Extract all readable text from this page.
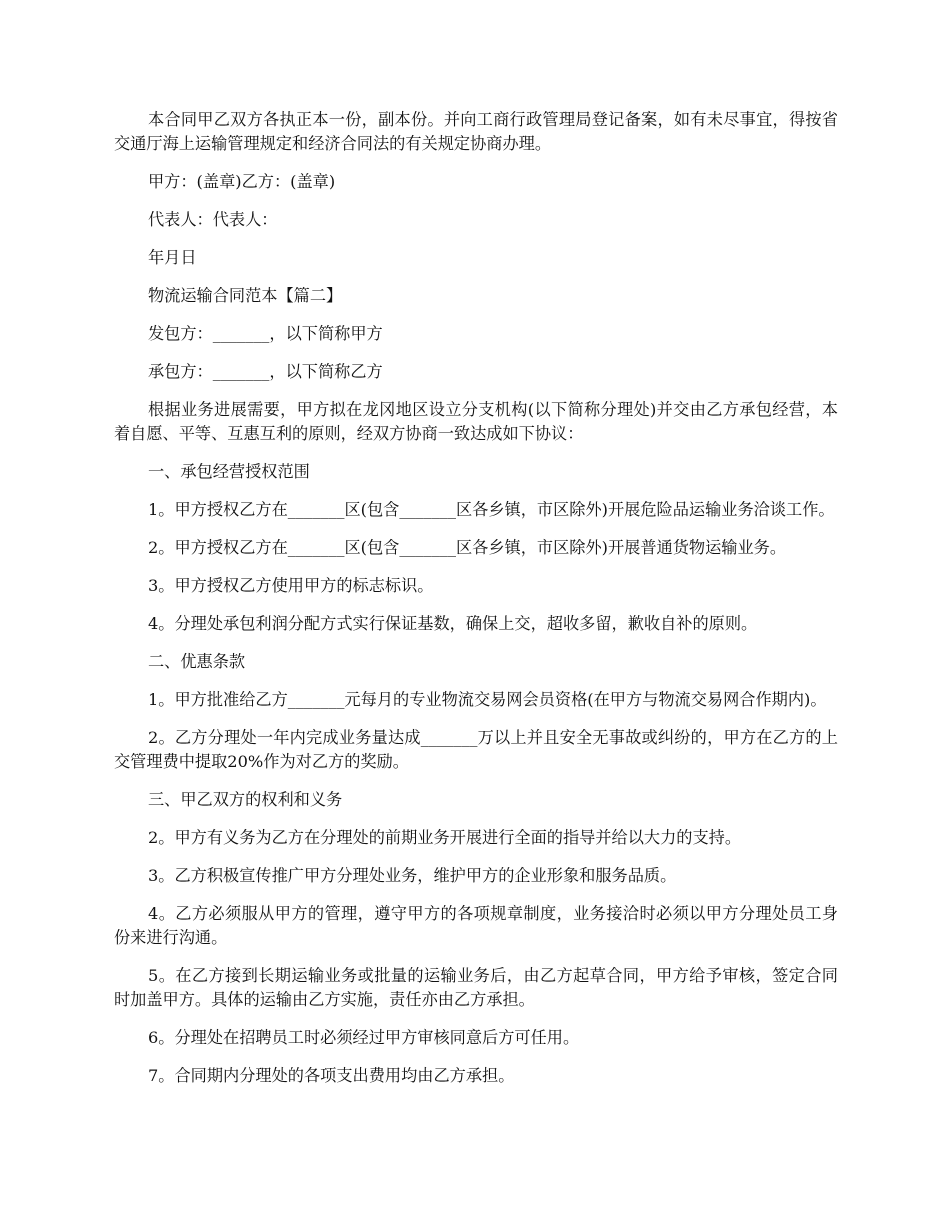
本合同甲乙双方各执正本一份，副本份。并向工商行政管理局登记备案，如有未尽事宜，得按省交通厅海上运输管理规定和经济合同法的有关规定协商办理。

甲方：(盖章)乙方：(盖章)

代表人：代表人：

年月日

物流运输合同范本【篇二】

发包方：_______，以下简称甲方

承包方：_______，以下简称乙方

根据业务进展需要，甲方拟在龙冈地区设立分支机构(以下简称分理处)并交由乙方承包经营，本着自愿、平等、互惠互利的原则，经双方协商一致达成如下协议：

一、承包经营授权范围

1。甲方授权乙方在_______区(包含_______区各乡镇，市区除外)开展危险品运输业务洽谈工作。

2。甲方授权乙方在_______区(包含_______区各乡镇，市区除外)开展普通货物运输业务。

3。甲方授权乙方使用甲方的标志标识。

4。分理处承包利润分配方式实行保证基数，确保上交，超收多留，歉收自补的原则。

二、优惠条款

1。甲方批准给乙方_______元每月的专业物流交易网会员资格(在甲方与物流交易网合作期内)。

2。乙方分理处一年内完成业务量达成_______万以上并且安全无事故或纠纷的，甲方在乙方的上交管理费中提取20%作为对乙方的奖励。

三、甲乙双方的权利和义务

2。甲方有义务为乙方在分理处的前期业务开展进行全面的指导并给以大力的支持。

3。乙方积极宣传推广甲方分理处业务，维护甲方的企业形象和服务品质。

4。乙方必须服从甲方的管理，遵守甲方的各项规章制度，业务接洽时必须以甲方分理处员工身份来进行沟通。

5。在乙方接到长期运输业务或批量的运输业务后，由乙方起草合同，甲方给予审核，签定合同时加盖甲方。具体的运输由乙方实施，责任亦由乙方承担。

6。分理处在招聘员工时必须经过甲方审核同意后方可任用。

7。合同期内分理处的各项支出费用均由乙方承担。
